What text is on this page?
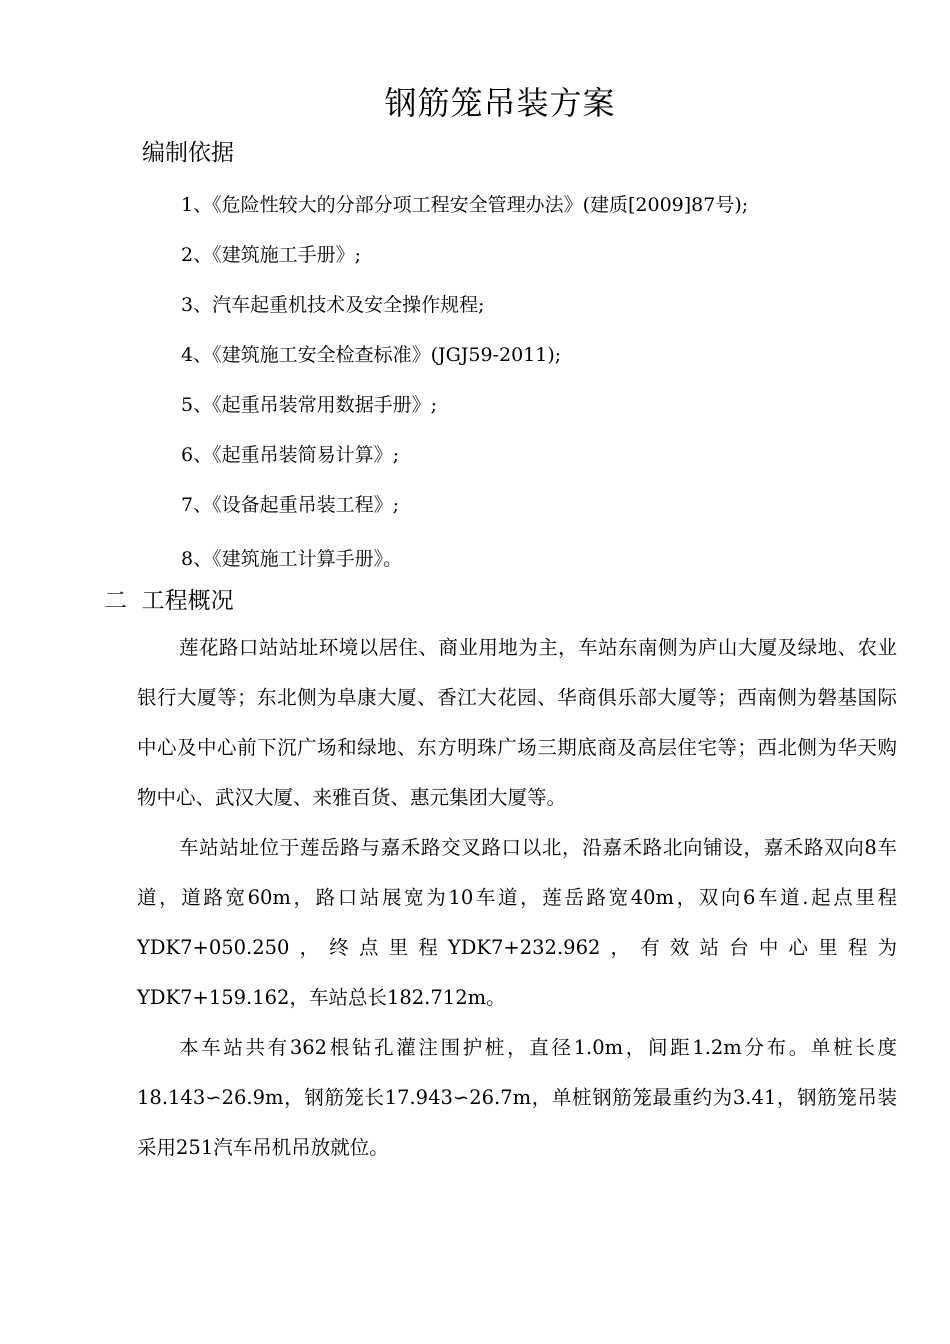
钢筋笼吊装方案
编制依据
1、《危险性较大的分部分项工程安全管理办法》(建质[2009]87号);
2、《建筑施工手册》;
3、汽车起重机技术及安全操作规程;
4、《建筑施工安全检查标准》(JGJ59-2011);
5、《起重吊装常用数据手册》;
6、《起重吊装简易计算》;
7、《设备起重吊装工程》;
8、《建筑施工计算手册》。
二  工程概况
莲花路口站站址环境以居住、商业用地为主，车站东南侧为庐山大厦及绿地、农业银行大厦等；东北侧为阜康大厦、香江大花园、华商俱乐部大厦等；西南侧为磐基国际中心及中心前下沉广场和绿地、东方明珠广场三期底商及高层住宅等；西北侧为华天购物中心、武汉大厦、来雅百货、惠元集团大厦等。
车站站址位于莲岳路与嘉禾路交叉路口以北，沿嘉禾路北向铺设，嘉禾路双向8车道，道路宽60m，路口站展宽为10车道，莲岳路宽40m，双向6车道.起点里程YDK7+050.250，终点里程YDK7+232.962，有效站台中心里程为YDK7+159.162，车站总长182.712m。
本车站共有362根钻孔灌注围护桩，直径1.0m，间距1.2m分布。单桩长度18.143∽26.9m，钢筋笼长17.943∽26.7m，单桩钢筋笼最重约为3.41，钢筋笼吊装采用251汽车吊机吊放就位。
